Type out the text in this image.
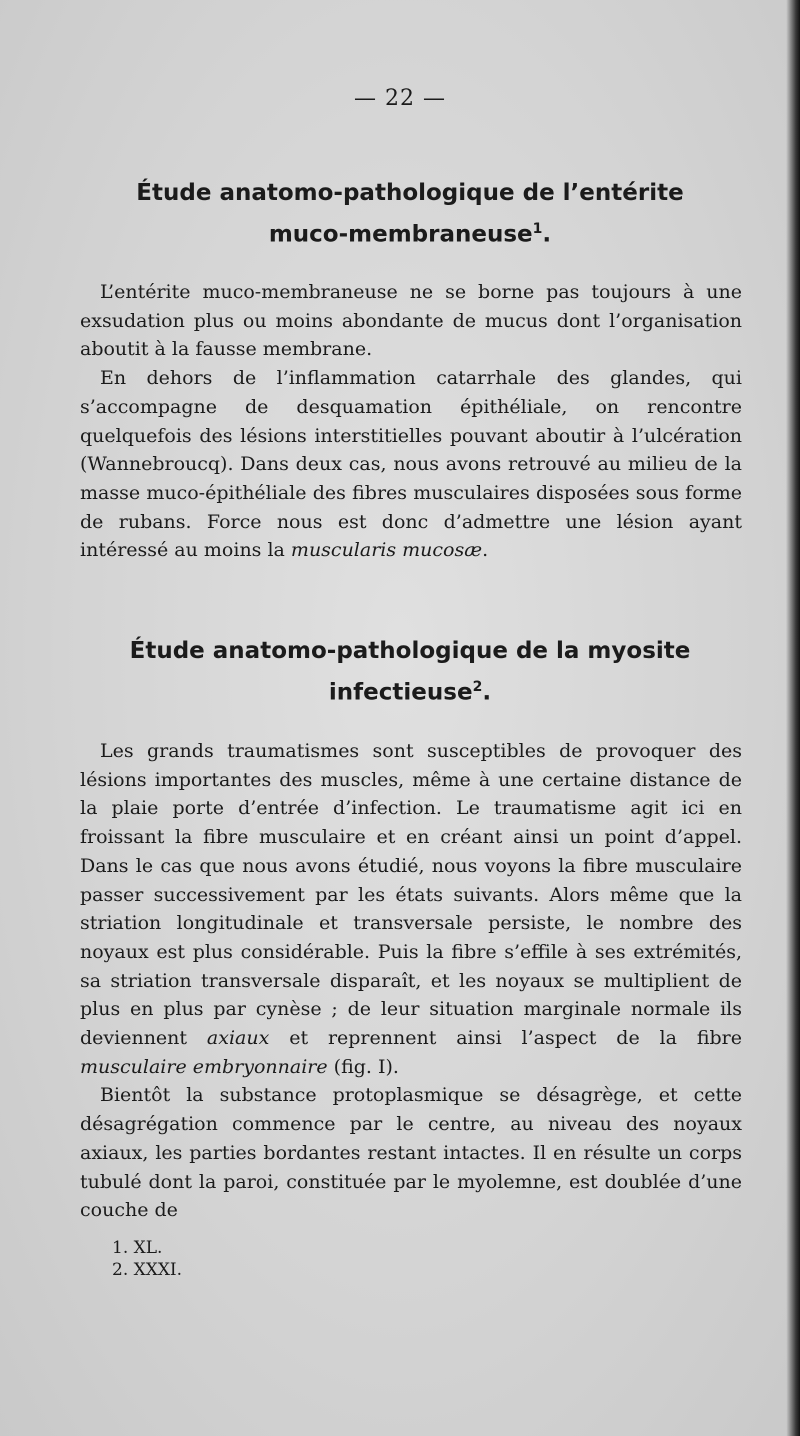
— 22 —
Étude anatomo-pathologique de l’entérite
muco-membraneuse$^1$.

L’entérite muco-membraneuse ne se borne pas toujours à une exsudation plus ou moins abondante de mucus dont l’organisation aboutit à la fausse membrane.

En dehors de l’inflammation catarrhale des glandes, qui s’accompagne de desquamation épithéliale, on rencontre quelquefois des lésions interstitielles pouvant aboutir à l’ulcération (Wannebroucq). Dans deux cas, nous avons retrouvé au milieu de la masse muco-épithéliale des fibres musculaires disposées sous forme de rubans. Force nous est donc d’admettre une lésion ayant intéressé au moins la muscularis mucosæ.

Étude anatomo-pathologique de la myosite
infectieuse$^2$.

Les grands traumatismes sont susceptibles de provoquer des lésions importantes des muscles, même à une certaine distance de la plaie porte d’entrée d’infection. Le traumatisme agit ici en froissant la fibre musculaire et en créant ainsi un point d’appel. Dans le cas que nous avons étudié, nous voyons la fibre musculaire passer successivement par les états suivants. Alors même que la striation longitudinale et transversale persiste, le nombre des noyaux est plus considérable. Puis la fibre s’effile à ses extrémités, sa striation transversale disparaît, et les noyaux se multiplient de plus en plus par cynèse ; de leur situation marginale normale ils deviennent axiaux et reprennent ainsi l’aspect de la fibre musculaire embryonnaire (fig. I).

Bientôt la substance protoplasmique se désagrège, et cette désagrégation commence par le centre, au niveau des noyaux axiaux, les parties bordantes restant intactes. Il en résulte un corps tubulé dont la paroi, constituée par le myolemne, est doublée d’une couche de

1. XL.
2. XXXI.
